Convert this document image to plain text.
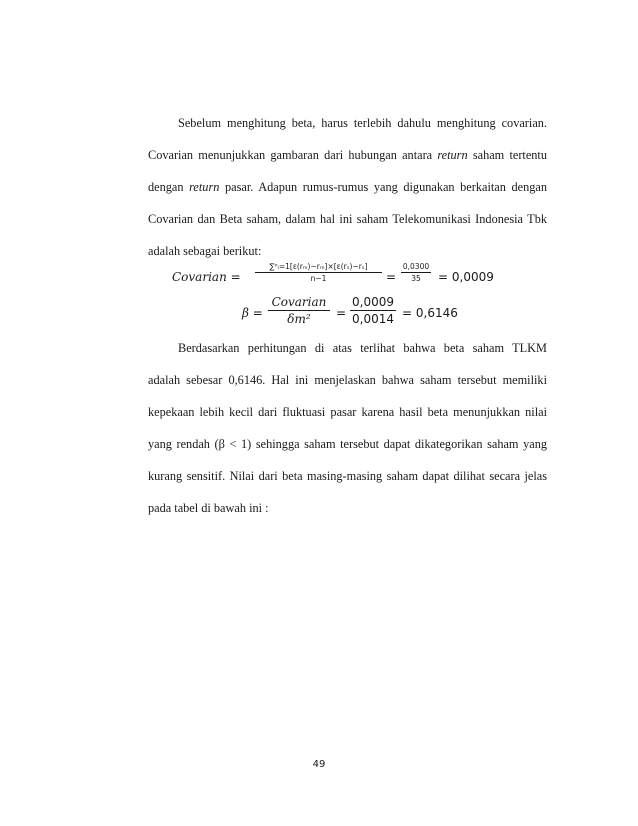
Sebelum menghitung beta, harus terlebih dahulu menghitung covarian.
Covarian menunjukkan gambaran dari hubungan antara return saham tertentu
dengan return pasar. Adapun rumus-rumus yang digunakan berkaitan dengan
Covarian dan Beta saham, dalam hal ini saham Telekomunikasi Indonesia Tbk
adalah sebagai berikut:
Covarian =
∑ⁿᵢ=1[ε(rₘ)−rₘ]×[ε(rₛ)−rₛ]
n−1	=
0,0300
35	= 0,0009
β =
Covarian
δm²	=
0,0009
0,0014 = 0,6146
Berdasarkan perhitungan di atas terlihat bahwa beta saham TLKM
adalah sebesar 0,6146. Hal ini menjelaskan bahwa saham tersebut memiliki
kepekaan lebih kecil dari fluktuasi pasar karena hasil beta menunjukkan nilai
yang rendah (β < 1) sehingga saham tersebut dapat dikategorikan saham yang
kurang sensitif. Nilai dari beta masing-masing saham dapat dilihat secara jelas
pada tabel di bawah ini :
49
